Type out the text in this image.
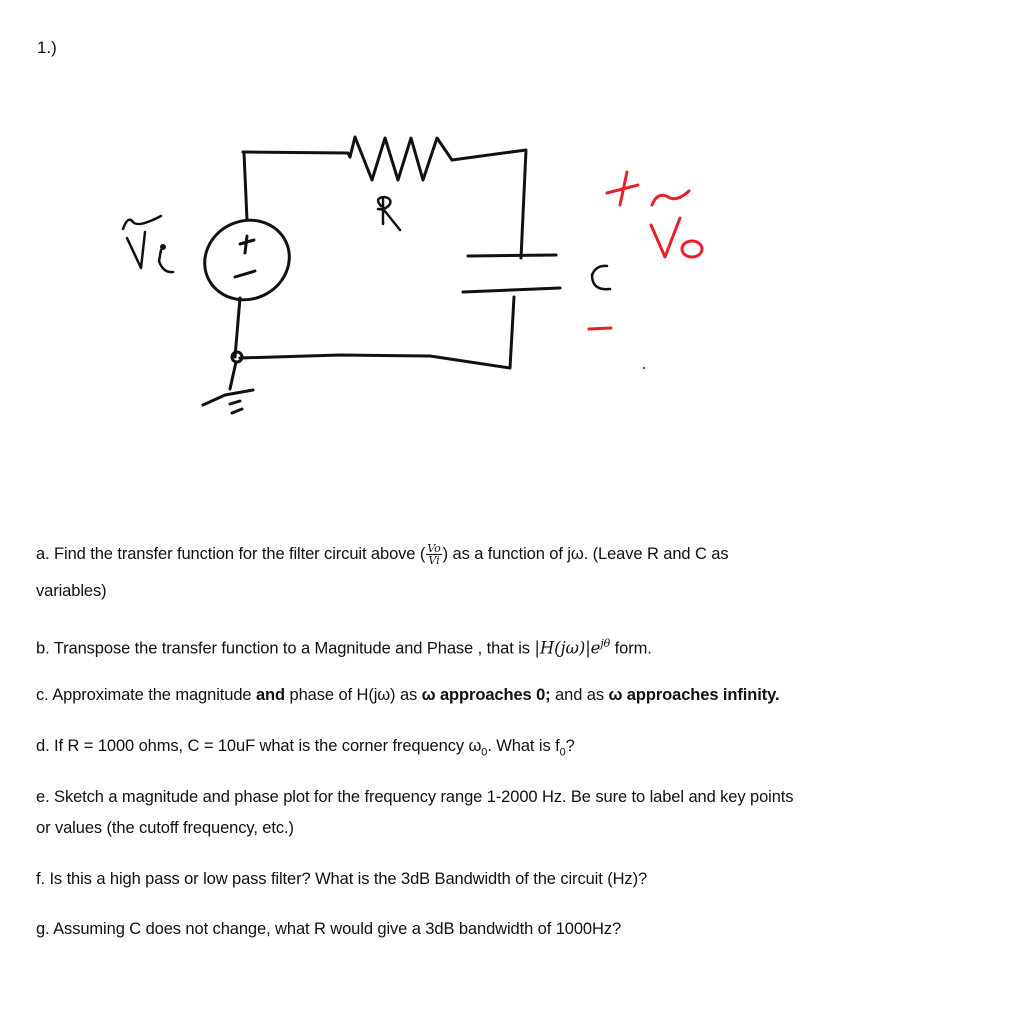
1.)
a. Find the transfer function for the filter circuit above ( $\frac{Vo}{Vi}$ ) as a function of jω. (Leave R and C as
variables)
b. Transpose the transfer function to a Magnitude and Phase , that is $|H(j\omega)|e^{j\theta}$ form.
c. Approximate the magnitude and phase of H(jω) as ω approaches 0; and as ω approaches infinity.
d. If R = 1000 ohms, C = 10uF what is the corner frequency $\omega_0$. What is $f_0$?
e. Sketch a magnitude and phase plot for the frequency range 1-2000 Hz. Be sure to label and key points
or values (the cutoff frequency, etc.)
f. Is this a high pass or low pass filter? What is the 3dB Bandwidth of the circuit (Hz)?
g. Assuming C does not change, what R would give a 3dB bandwidth of 1000Hz?
